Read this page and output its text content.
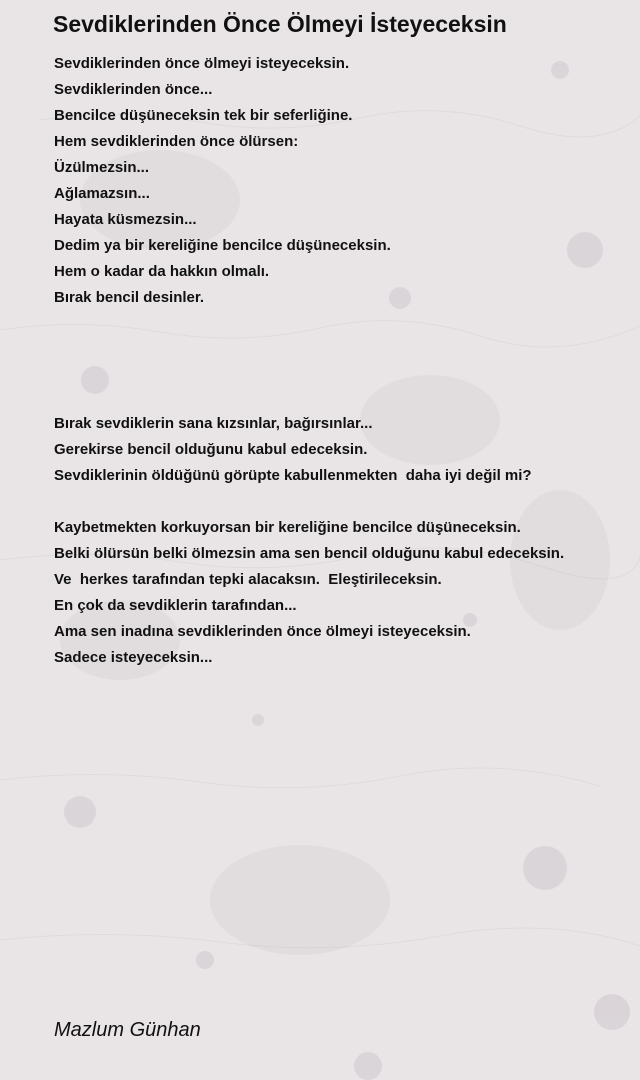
Sevdiklerinden Önce Ölmeyi İsteyeceksin
Sevdiklerinden önce ölmeyi isteyeceksin.
Sevdiklerinden önce...
Bencilce düşüneceksin tek bir seferliğine.
Hem sevdiklerinden önce ölürsen:
Üzülmezsin...
Ağlamazsın...
Hayata küsmezsin...
Dedim ya bir kereliğine bencilce düşüneceksin.
Hem o kadar da hakkın olmalı.
Bırak bencil desinler.
Bırak sevdiklerin sana kızsınlar, bağırsınlar...
Gerekirse bencil olduğunu kabul edeceksin.
Sevdiklerinin öldüğünü görüpte kabullenmekten  daha iyi değil mi?
Kaybetmekten korkuyorsan bir kereliğine bencilce düşüneceksin.
Belki ölürsün belki ölmezsin ama sen bencil olduğunu kabul edeceksin.
Ve  herkes tarafından tepki alacaksın.  Eleştirileceksin.
En çok da sevdiklerin tarafından...
Ama sen inadına sevdiklerinden önce ölmeyi isteyeceksin.
Sadece isteyeceksin...

Mazlum Günhan
